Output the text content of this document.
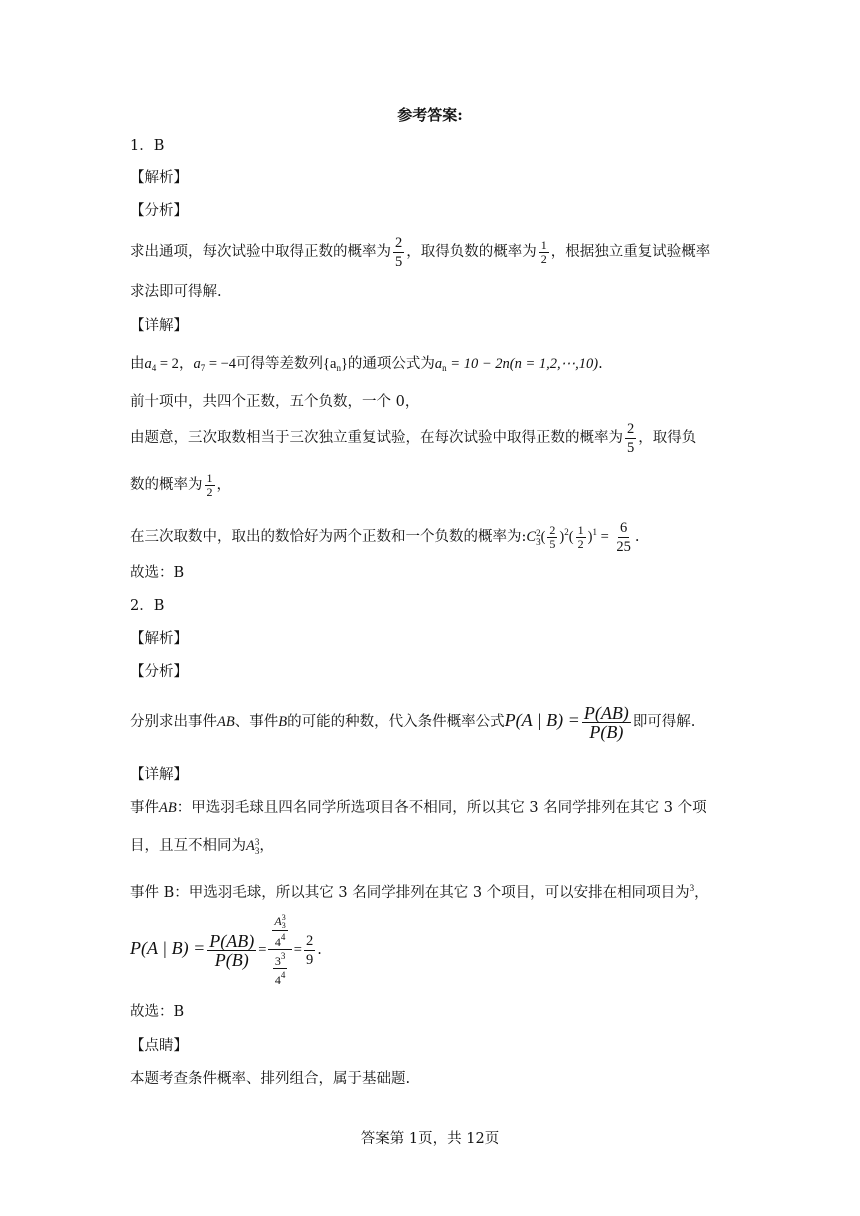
参考答案:
1．B
【解析】
【分析】
求出通项，每次试验中取得正数的概率为 $\frac{2}{5}$ ，取得负数的概率为 $\frac{1}{2}$ ，根据独立重复试验概率
求法即可得解.
【详解】
由$a_4 = 2$，$a_7 = -4$可得等差数列$\{a_n\}$的通项公式为$a_n = 10 - 2n(n$ = 1,2,⋯,10).
前十项中，共四个正数，五个负数，一个 0，
由题意，三次取数相当于三次独立重复试验，在每次试验中取得正数的概率为 $\frac{2}{5}$ ，取得负
数的概率为 $\frac{1}{2}$ ，
在三次取数中，取出的数恰好为两个正数和一个负数的概率为:C 2
3 ( $\frac{2}{5} )^2( \frac{1}{2} )^1 = \frac{6}{25}$ .
故选：B
2．B
【解析】
【分析】
分别求出事件AB、事件B的可能的种数，代入条件概率公式P(A | $B) = \frac{P(AB)}{P(B)}$ 即可得解.
【详解】
事件AB：甲选羽毛球且四名同学所选项目各不相同，所以其它 3 名同学排列在其它 3 个项
目，且互不相同为A 3
3 ，
事件 B：甲选羽毛球，所以其它 3 名同学排列在其它 3 个项目，可以安排在相同项目为$^3$，
P(A | $B) = \frac{P(AB)}{P(B)} = A$ 3
3
$4^4$
$\frac{3^3}{4^4} = \frac{2}{9}$ .
故选：B
【点睛】
本题考查条件概率、排列组合，属于基础题.
答案第 1页，共 12页
